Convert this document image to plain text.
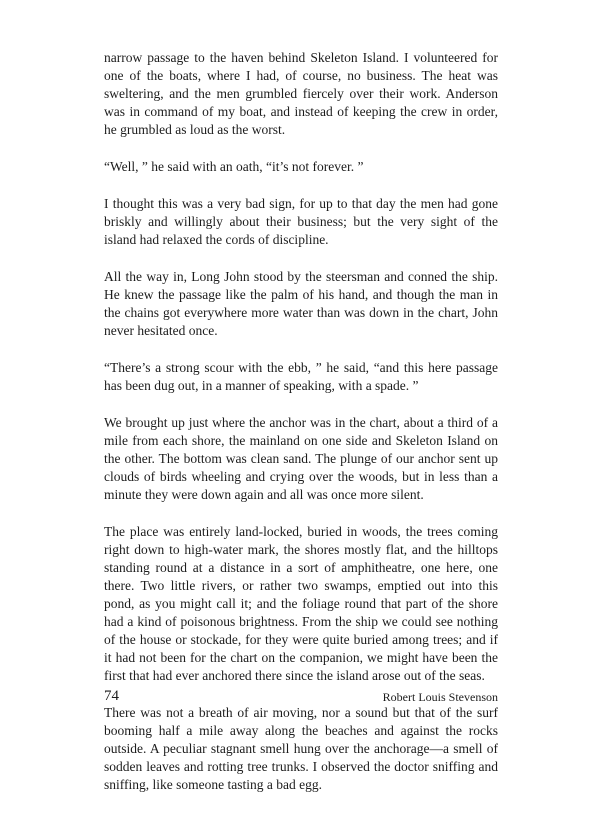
narrow passage to the haven behind Skeleton Island. I volunteered for one of the boats, where I had, of course, no business. The heat was sweltering, and the men grumbled fiercely over their work. Anderson was in command of my boat, and instead of keeping the crew in order, he grumbled as loud as the worst.

“Well, ” he said with an oath, “it’s not forever. ”

I thought this was a very bad sign, for up to that day the men had gone briskly and willingly about their business; but the very sight of the island had relaxed the cords of discipline.

All the way in, Long John stood by the steersman and conned the ship. He knew the passage like the palm of his hand, and though the man in the chains got everywhere more water than was down in the chart, John never hesitated once.

“There’s a strong scour with the ebb, ” he said, “and this here passage has been dug out, in a manner of speaking, with a spade. ”

We brought up just where the anchor was in the chart, about a third of a mile from each shore, the mainland on one side and Skeleton Island on the other. The bottom was clean sand. The plunge of our anchor sent up clouds of birds wheeling and crying over the woods, but in less than a minute they were down again and all was once more silent.

The place was entirely land-locked, buried in woods, the trees coming right down to high-water mark, the shores mostly flat, and the hilltops standing round at a distance in a sort of amphitheatre, one here, one there. Two little rivers, or rather two swamps, emptied out into this pond, as you might call it; and the foliage round that part of the shore had a kind of poisonous brightness. From the ship we could see nothing of the house or stockade, for they were quite buried among trees; and if it had not been for the chart on the companion, we might have been the first that had ever anchored there since the island arose out of the seas.

There was not a breath of air moving, nor a sound but that of the surf booming half a mile away along the beaches and against the rocks outside. A peculiar stagnant smell hung over the anchorage—a smell of sodden leaves and rotting tree trunks. I observed the doctor sniffing and sniffing, like someone tasting a bad egg.

74	Robert Louis Stevenson
